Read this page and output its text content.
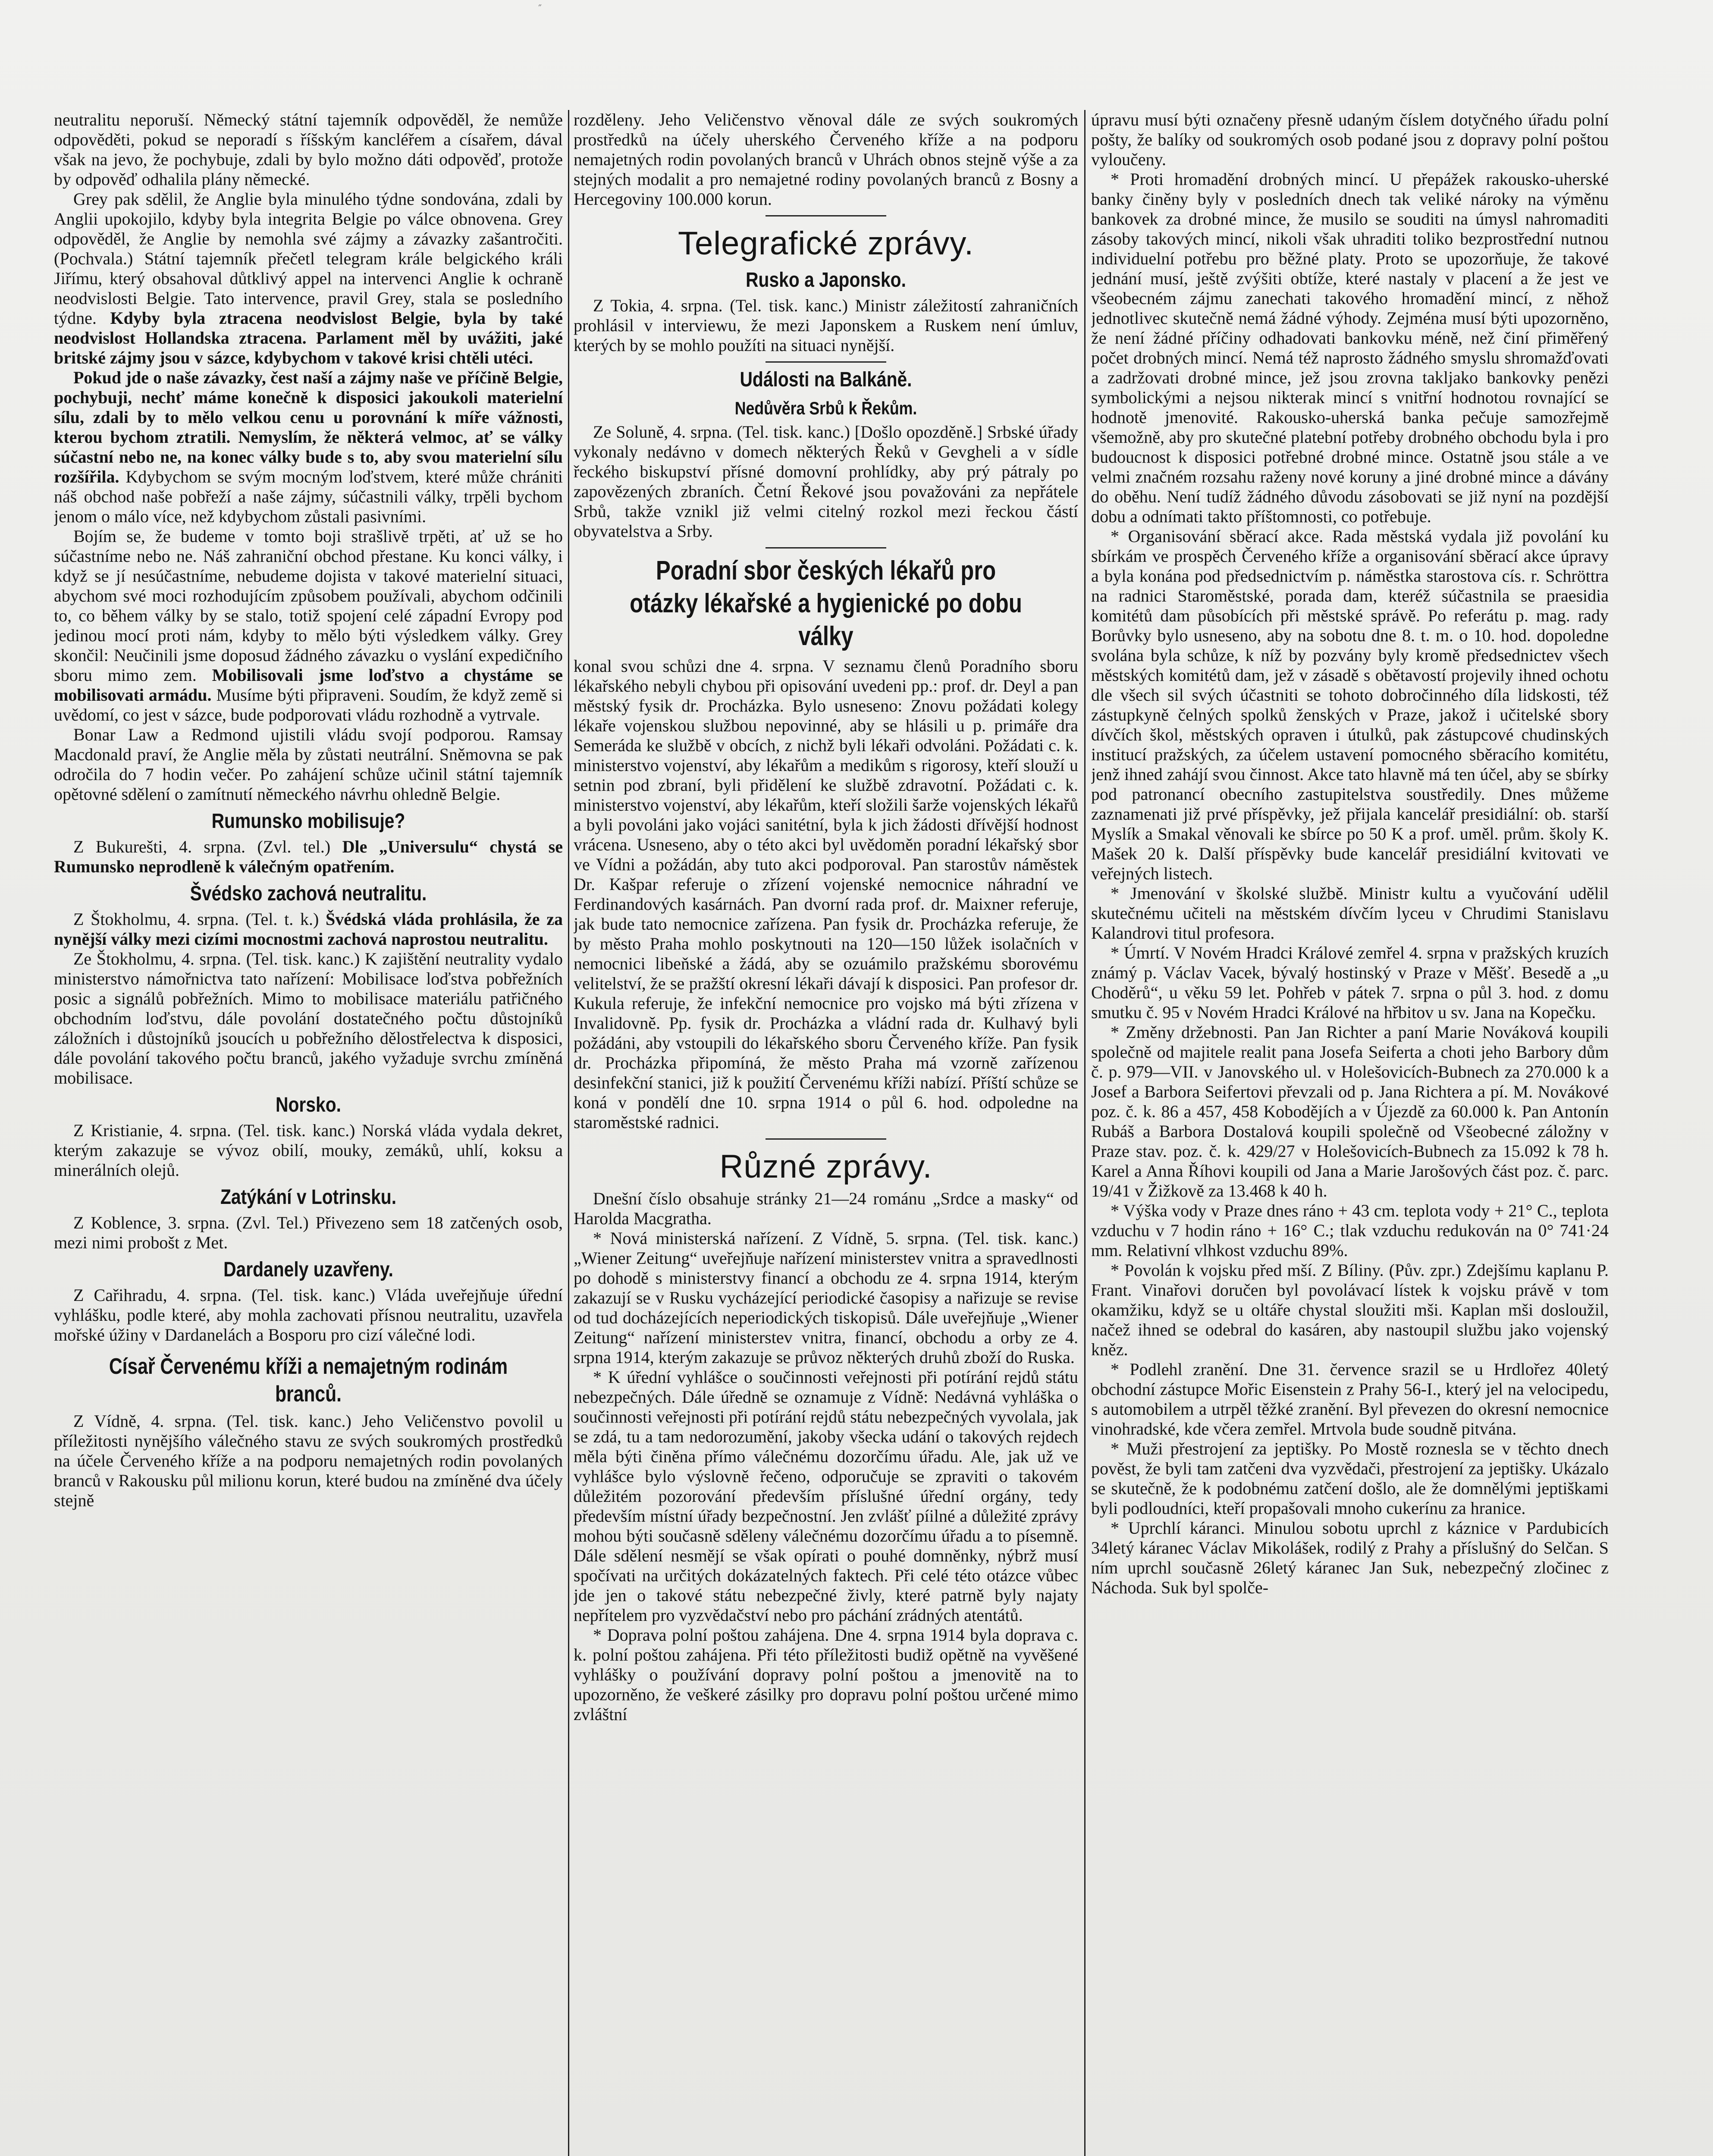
″

neutralitu neporuší. Německý státní tajemník odpověděl, že nemůže odpověděti, pokud se neporadí s říšským kancléřem a císařem, dával však na jevo, že pochybuje, zdali by bylo možno dáti odpověď, protože by odpověď odhalila plány německé.

Grey pak sdělil, že Anglie byla minulého týdne sondována, zdali by Anglii upokojilo, kdyby byla integrita Belgie po válce obnovena. Grey odpověděl, že Anglie by nemohla své zájmy a závazky zašantročiti. (Pochvala.) Státní tajemník přečetl telegram krále belgického králi Jiřímu, který obsahoval důtklivý appel na intervenci Anglie k ochraně neodvislosti Belgie. Tato intervence, pravil Grey, stala se posledního týdne. Kdyby byla ztracena neodvislost Belgie, byla by také neodvislost Hollandska ztracena. Parlament měl by uvážiti, jaké britské zájmy jsou v sázce, kdybychom v takové krisi chtěli utéci.

Pokud jde o naše závazky, čest naší a zájmy naše ve příčině Belgie, pochybuji, nechť máme konečně k disposici jakoukoli materielní sílu, zdali by to mělo velkou cenu u porovnání k míře vážnosti, kterou bychom ztratili. Nemyslím, že některá velmoc, ať se války súčastní nebo ne, na konec války bude s to, aby svou materielní sílu rozšířila. Kdybychom se svým mocným loďstvem, které může chrániti náš obchod naše pobřeží a naše zájmy, súčastnili války, trpěli bychom jenom o málo více, než kdybychom zůstali pasivními.

Bojím se, že budeme v tomto boji strašlivě trpěti, ať už se ho súčastníme nebo ne. Náš zahraniční obchod přestane. Ku konci války, i když se jí nesúčastníme, nebudeme dojista v takové materielní situaci, abychom své moci rozhodujícím způsobem používali, abychom odčinili to, co během války by se stalo, totiž spojení celé západní Evropy pod jedinou mocí proti nám, kdyby to mělo býti výsledkem války. Grey skončil: Neučinili jsme doposud žádného závazku o vyslání expedičního sboru mimo zem. Mobilisovali jsme loďstvo a chystáme se mobilisovati armádu. Musíme býti připraveni. Soudím, že když země si uvědomí, co jest v sázce, bude podporovati vládu rozhodně a vytrvale.

Bonar Law a Redmond ujistili vládu svojí podporou. Ramsay Macdonald praví, že Anglie měla by zůstati neutrální. Sněmovna se pak odročila do 7 hodin večer. Po zahájení schůze učinil státní tajemník opětovné sdělení o zamítnutí německého návrhu ohledně Belgie.

Rumunsko mobilisuje?

Z Bukurešti, 4. srpna. (Zvl. tel.) Dle „Universulu“ chystá se Rumunsko neprodleně k válečným opatřením.

Švédsko zachová neutralitu.

Z Štokholmu, 4. srpna. (Tel. t. k.) Švédská vláda prohlásila, že za nynější války mezi cizími mocnostmi zachová naprostou neutralitu.

Ze Štokholmu, 4. srpna. (Tel. tisk. kanc.) K zajištění neutrality vydalo ministerstvo námořnictva tato nařízení: Mobilisace loďstva pobřežních posic a signálů pobřežních. Mimo to mobilisace materiálu patřičného obchodním loďstvu, dále povolání dostatečného počtu důstojníků záložních i důstojníků jsoucích u pobřežního dělostřelectva k disposici, dále povolání takového počtu branců, jakého vyžaduje svrchu zmíněná mobilisace.

Norsko.

Z Kristianie, 4. srpna. (Tel. tisk. kanc.) Norská vláda vydala dekret, kterým zakazuje se vývoz obilí, mouky, zemáků, uhlí, koksu a minerálních olejů.

Zatýkání v Lotrinsku.

Z Koblence, 3. srpna. (Zvl. Tel.) Přivezeno sem 18 zatčených osob, mezi nimi probošt z Met.

Dardanely uzavřeny.

Z Cařihradu, 4. srpna. (Tel. tisk. kanc.) Vláda uveřejňuje úřední vyhlášku, podle které, aby mohla zachovati přísnou neutralitu, uzavřela mořské úžiny v Dardanelách a Bosporu pro cizí válečné lodi.

Císař Červenému kříži a nemajetným rodinám branců.

Z Vídně, 4. srpna. (Tel. tisk. kanc.) Jeho Veličenstvo povolil u příležitosti nynějšího válečného stavu ze svých soukromých prostředků na účele Červeného kříže a na podporu nemajetných rodin povolaných branců v Rakousku půl milionu korun, které budou na zmíněné dva účely stejně

rozděleny. Jeho Veličenstvo věnoval dále ze svých soukromých prostředků na účely uherského Červeného kříže a na podporu nemajetných rodin povolaných branců v Uhrách obnos stejně výše a za stejných modalit a pro nemajetné rodiny povolaných branců z Bosny a Hercegoviny 100.000 korun.

Telegrafické zprávy.
Rusko a Japonsko.

Z Tokia, 4. srpna. (Tel. tisk. kanc.) Ministr záležitostí zahraničních prohlásil v interviewu, že mezi Japonskem a Ruskem není úmluv, kterých by se mohlo použíti na situaci nynější.

Události na Balkáně.
Nedůvěra Srbů k Řekům.

Ze Soluně, 4. srpna. (Tel. tisk. kanc.) [Došlo opozděně.] Srbské úřady vykonaly nedávno v domech některých Řeků v Gevgheli a v sídle řeckého biskupství přísné domovní prohlídky, aby prý pátraly po zapovězených zbraních. Četní Řekové jsou považováni za nepřátele Srbů, takže vznikl již velmi citelný rozkol mezi řeckou částí obyvatelstva a Srby.

Poradní sbor českých lékařů pro otázky lékařské a hygienické po dobu války

konal svou schůzi dne 4. srpna. V seznamu členů Poradního sboru lékařského nebyli chybou při opisování uvedeni pp.: prof. dr. Deyl a pan městský fysik dr. Procházka. Bylo usneseno: Znovu požádati kolegy lékaře vojenskou službou nepovinné, aby se hlásili u p. primáře dra Semeráda ke službě v obcích, z nichž byli lékaři odvoláni. Požádati c. k. ministerstvo vojenství, aby lékařům a medikům s rigorosy, kteří slouží u setnin pod zbraní, byli přidělení ke službě zdravotní. Požádati c. k. ministerstvo vojenství, aby lékařům, kteří složili šarže vojenských lékařů a byli povoláni jako vojáci sanitétní, byla k jich žádosti dřívější hodnost vrácena. Usneseno, aby o této akci byl uvědoměn poradní lékařský sbor ve Vídni a požádán, aby tuto akci podporoval. Pan starostův náměstek Dr. Kašpar referuje o zřízení vojenské nemocnice náhradní ve Ferdinandových kasárnách. Pan dvorní rada prof. dr. Maixner referuje, jak bude tato nemocnice zařízena. Pan fysik dr. Procházka referuje, že by město Praha mohlo poskytnouti na 120—150 lůžek isolačních v nemocnici libeňské a žádá, aby se ozuámilo pražskému sborovému velitelství, že se pražští okresní lékaři dávají k disposici. Pan profesor dr. Kukula referuje, že infekční nemocnice pro vojsko má býti zřízena v Invalidovně. Pp. fysik dr. Procházka a vládní rada dr. Kulhavý byli požádáni, aby vstoupili do lékařského sboru Červeného kříže. Pan fysik dr. Procházka připomíná, že město Praha má vzorně zařízenou desinfekční stanici, již k použití Červenému kříži nabízí. Příští schůze se koná v pondělí dne 10. srpna 1914 o půl 6. hod. odpoledne na staroměstské radnici.

Různé zprávy.

Dnešní číslo obsahuje stránky 21—24 románu „Srdce a masky“ od Harolda Macgratha.

* Nová ministerská nařízení. Z Vídně, 5. srpna. (Tel. tisk. kanc.) „Wiener Zeitung“ uveřejňuje nařízení ministerstev vnitra a spravedlnosti po dohodě s ministerstvy financí a obchodu ze 4. srpna 1914, kterým zakazují se v Rusku vycházející periodické časopisy a nařizuje se revise od tud docházejících neperiodických tiskopisů. Dále uveřejňuje „Wiener Zeitung“ nařízení ministerstev vnitra, financí, obchodu a orby ze 4. srpna 1914, kterým zakazuje se průvoz některých druhů zboží do Ruska.

* K úřední vyhlášce o součinnosti veřejnosti při potírání rejdů státu nebezpečných. Dále úředně se oznamuje z Vídně: Nedávná vyhláška o součinnosti veřejnosti při potírání rejdů státu nebezpečných vyvolala, jak se zdá, tu a tam nedorozumění, jakoby všecka udání o takových rejdech měla býti činěna přímo válečnému dozorčímu úřadu. Ale, jak už ve vyhlášce bylo výslovně řečeno, odporučuje se zpraviti o takovém důležitém pozorování především příslušné úřední orgány, tedy především místní úřady bezpečnostní. Jen zvlášť píilné a důležité zprávy mohou býti současně sděleny válečnému dozorčímu úřadu a to písemně. Dále sdělení nesmějí se však opírati o pouhé domněnky, nýbrž musí spočívati na určitých dokázatelných faktech. Při celé této otázce vůbec jde jen o takové státu nebezpečné živly, které patrně byly najaty nepřítelem pro vyzvědačství nebo pro páchání zrádných atentátů.

* Doprava polní poštou zahájena. Dne 4. srpna 1914 byla doprava c. k. polní poštou zahájena. Při této příležitosti budiž opětně na vyvěšené vyhlášky o používání dopravy polní poštou a jmenovitě na to upozorněno, že veškeré zásilky pro dopravu polní poštou určené mimo zvláštní

úpravu musí býti označeny přesně udaným číslem dotyčného úřadu polní pošty, že balíky od soukromých osob podané jsou z dopravy polní poštou vyloučeny.

* Proti hromadění drobných mincí. U přepážek rakousko-uherské banky činěny byly v posledních dnech tak veliké nároky na výměnu bankovek za drobné mince, že musilo se souditi na úmysl nahromaditi zásoby takových mincí, nikoli však uhraditi toliko bezprostřední nutnou individuelní potřebu pro běžné platy. Proto se upozorňuje, že takové jednání musí, ještě zvýšiti obtíže, které nastaly v placení a že jest ve všeobecném zájmu zanechati takového hromadění mincí, z něhož jednotlivec skutečně nemá žádné výhody. Zejména musí býti upozorněno, že není žádné příčiny odhadovati bankovku méně, než činí přiměřený počet drobných mincí. Nemá též naprosto žádného smyslu shromažďovati a zadržovati drobné mince, jež jsou zrovna takljako bankovky penězi symbolickými a nejsou nikterak mincí s vnitřní hodnotou rovnající se hodnotě jmenovité. Rakousko-uherská banka pečuje samozřejmě všemožně, aby pro skutečné platební potřeby drobného obchodu byla i pro budoucnost k disposici potřebné drobné mince. Ostatně jsou stále a ve velmi značném rozsahu raženy nové koruny a jiné drobné mince a dávány do oběhu. Není tudíž žádného důvodu zásobovati se již nyní na pozdější dobu a odnímati takto příštomnosti, co potřebuje.

* Organisování sběrací akce. Rada městská vydala již povolání ku sbírkám ve prospěch Červeného kříže a organisování sběrací akce úpravy a byla konána pod předsednictvím p. náměstka starostova cís. r. Schröttra na radnici Staroměstské, porada dam, kteréž súčastnila se praesidia komitétů dam působících při městské správě. Po referátu p. mag. rady Borůvky bylo usneseno, aby na sobotu dne 8. t. m. o 10. hod. dopoledne svolána byla schůze, k níž by pozvány byly kromě předsednictev všech městských komitétů dam, jež v zásadě s obětavostí projevily ihned ochotu dle všech sil svých účastniti se tohoto dobročinného díla lidskosti, též zástupkyně čelných spolků ženských v Praze, jakož i učitelské sbory dívčích škol, městských opraven i útulků, pak zástupcové chudinských institucí pražských, za účelem ustavení pomocného sběracího komitétu, jenž ihned zahájí svou činnost. Akce tato hlavně má ten účel, aby se sbírky pod patronancí obecního zastupitelstva soustředily. Dnes můžeme zaznamenati již prvé příspěvky, jež přijala kancelář presidiální: ob. starší Myslík a Smakal věnovali ke sbírce po 50 K a prof. uměl. prům. školy K. Mašek 20 k. Další příspěvky bude kancelář presidiální kvitovati ve veřejných listech.

* Jmenování v školské službě. Ministr kultu a vyučování udělil skutečnému učiteli na městském dívčím lyceu v Chrudimi Stanislavu Kalandrovi titul profesora.

* Úmrtí. V Novém Hradci Králové zemřel 4. srpna v pražských kruzích známý p. Václav Vacek, bývalý hostinský v Praze v Měšť. Besedě a „u Choděrů“, u věku 59 let. Pohřeb v pátek 7. srpna o půl 3. hod. z domu smutku č. 95 v Novém Hradci Králové na hřbitov u sv. Jana na Kopečku.

* Změny držebnosti. Pan Jan Richter a paní Marie Nováková koupili společně od majitele realit pana Josefa Seiferta a choti jeho Barbory dům č. p. 979—VII. v Janovského ul. v Holešovicích-Bubnech za 270.000 k a Josef a Barbora Seifertovi převzali od p. Jana Richtera a pí. M. Novákové poz. č. k. 86 a 457, 458 Kobodějích a v Újezdě za 60.000 k. Pan Antonín Rubáš a Barbora Dostalová koupili společně od Všeobecné záložny v Praze stav. poz. č. k. 429/27 v Holešovicích-Bubnech za 15.092 k 78 h. Karel a Anna Říhovi koupili od Jana a Marie Jarošových část poz. č. parc. 19/41 v Žižkově za 13.468 k 40 h.

* Výška vody v Praze dnes ráno + 43 cm. teplota vody + 21° C., teplota vzduchu v 7 hodin ráno + 16° C.; tlak vzduchu redukován na 0° 741·24 mm. Relativní vlhkost vzduchu 89%.

* Povolán k vojsku před mší. Z Bíliny. (Pův. zpr.) Zdejšímu kaplanu P. Frant. Vinařovi doručen byl povolávací lístek k vojsku právě v tom okamžiku, když se u oltáře chystal sloužiti mši. Kaplan mši dosloužil, načež ihned se odebral do kasáren, aby nastoupil službu jako vojenský kněz.

* Podlehl zranění. Dne 31. července srazil se u Hrdlořez 40letý obchodní zástupce Mořic Eisenstein z Prahy 56-I., který jel na velocipedu, s automobilem a utrpěl těžké zranění. Byl převezen do okresní nemocnice vinohradské, kde včera zemřel. Mrtvola bude soudně pitvána.

* Muži přestrojení za jeptišky. Po Mostě roznesla se v těchto dnech pověst, že byli tam zatčeni dva vyzvědači, přestrojení za jeptišky. Ukázalo se skutečně, že k podobnému zatčení došlo, ale že domnělými jeptiškami byli podloudníci, kteří propašovali mnoho cukerínu za hranice.

* Uprchlí káranci. Minulou sobotu uprchl z káznice v Pardubicích 34letý káranec Václav Mikolášek, rodilý z Prahy a příslušný do Selčan. S ním uprchl současně 26letý káranec Jan Suk, nebezpečný zločinec z Náchoda. Suk byl spolče-
